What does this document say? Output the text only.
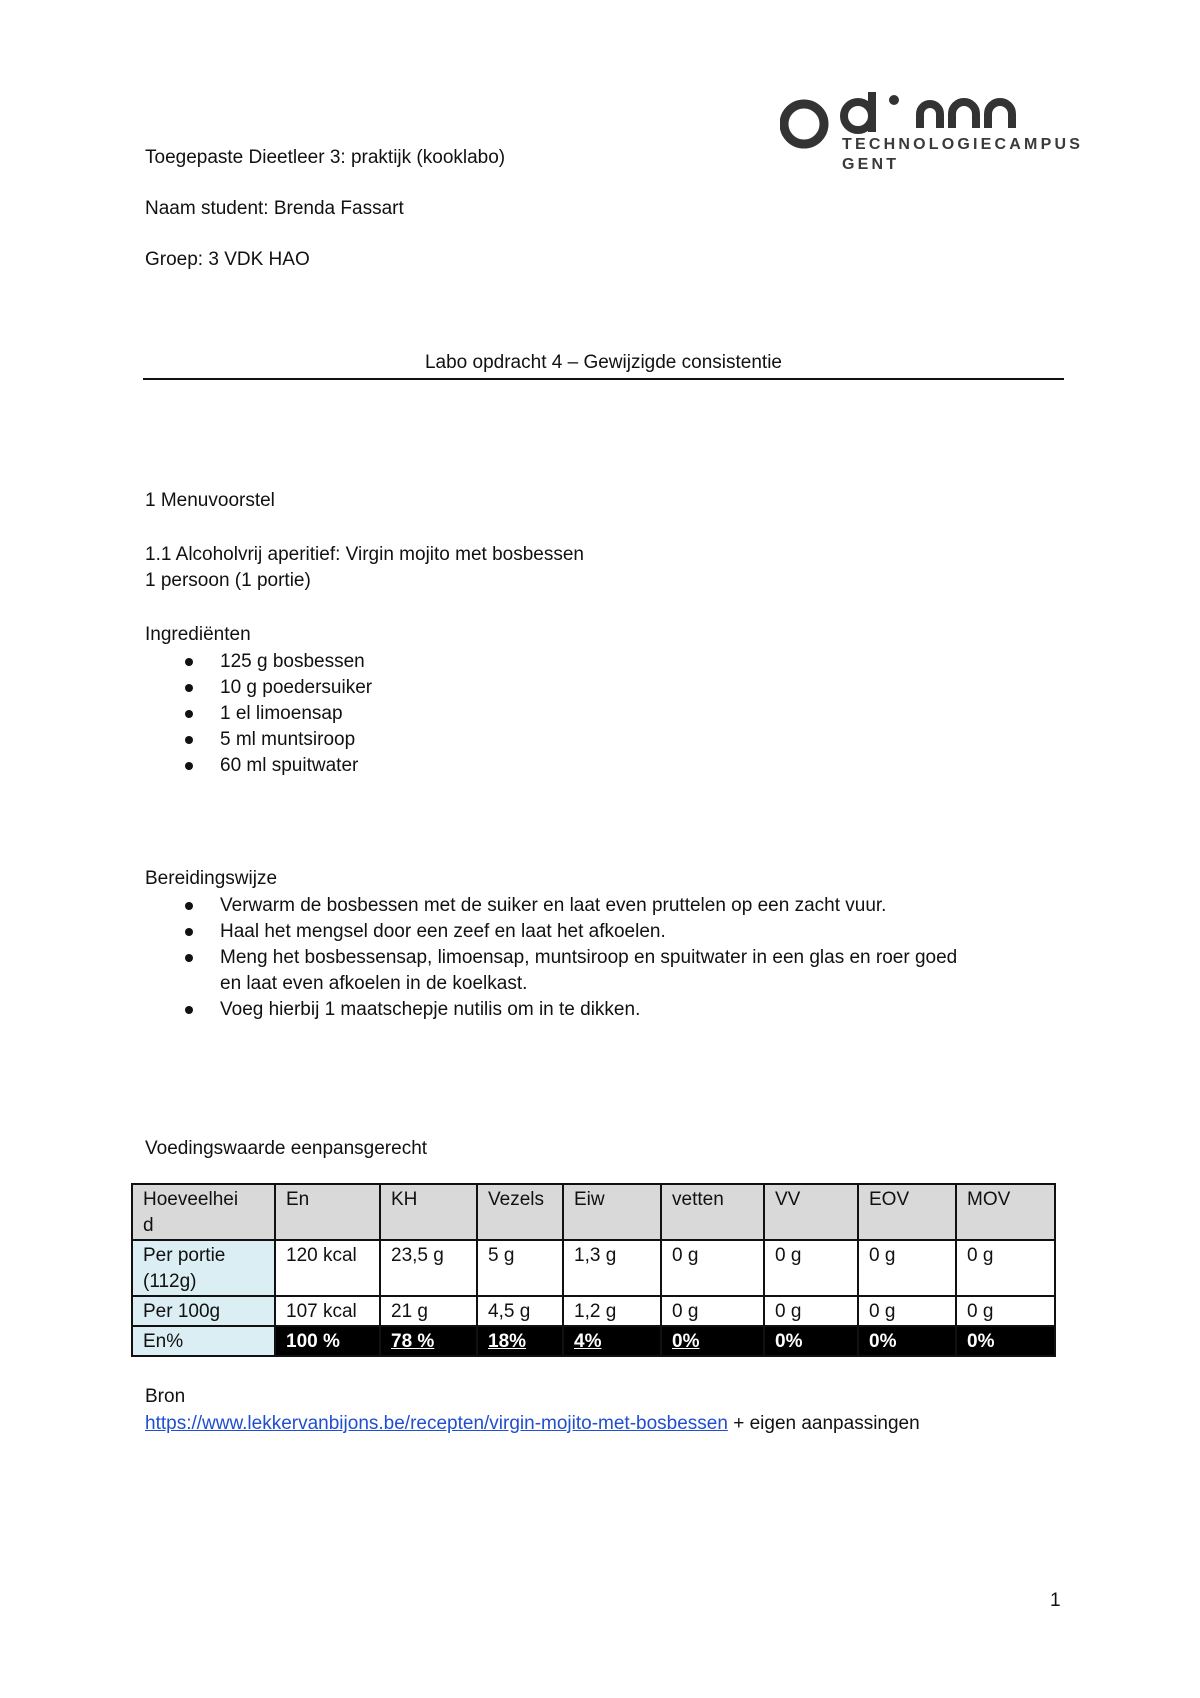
TECHNOLOGIECAMPUS
GENT
Toegepaste Dieetleer 3: praktijk (kooklabo)
Naam student: Brenda Fassart
Groep: 3 VDK HAO
Labo opdracht 4 – Gewijzigde consistentie
1 Menuvoorstel
1.1 Alcoholvrij aperitief: Virgin mojito met bosbessen
1 persoon (1 portie)
Ingrediënten
125 g bosbessen
10 g poedersuiker
1 el limoensap
5 ml muntsiroop
60 ml spuitwater
Bereidingswijze
Verwarm de bosbessen met de suiker en laat even pruttelen op een zacht vuur.
Haal het mengsel door een zeef en laat het afkoelen.
Meng het bosbessensap, limoensap, muntsiroop en spuitwater in een glas en roer goed
en laat even afkoelen in de koelkast.
Voeg hierbij 1 maatschepje nutilis om in te dikken.
Voedingswaarde eenpansgerecht
Hoeveelhei
d	En	KH	Vezels	Eiw	vetten	VV	EOV	MOV

Per portie
(112g)	120 kcal	23,5 g	5 g	1,3 g	0 g	0 g	0 g	0 g

Per 100g	107 kcal	21 g	4,5 g	1,2 g	0 g	0 g	0 g	0 g

En%	100 %	78 %	18%	4%	0%	0%	0%	0%
Bron
https://www.lekkervanbijons.be/recepten/virgin-mojito-met-bosbessen + eigen aanpassingen
1
